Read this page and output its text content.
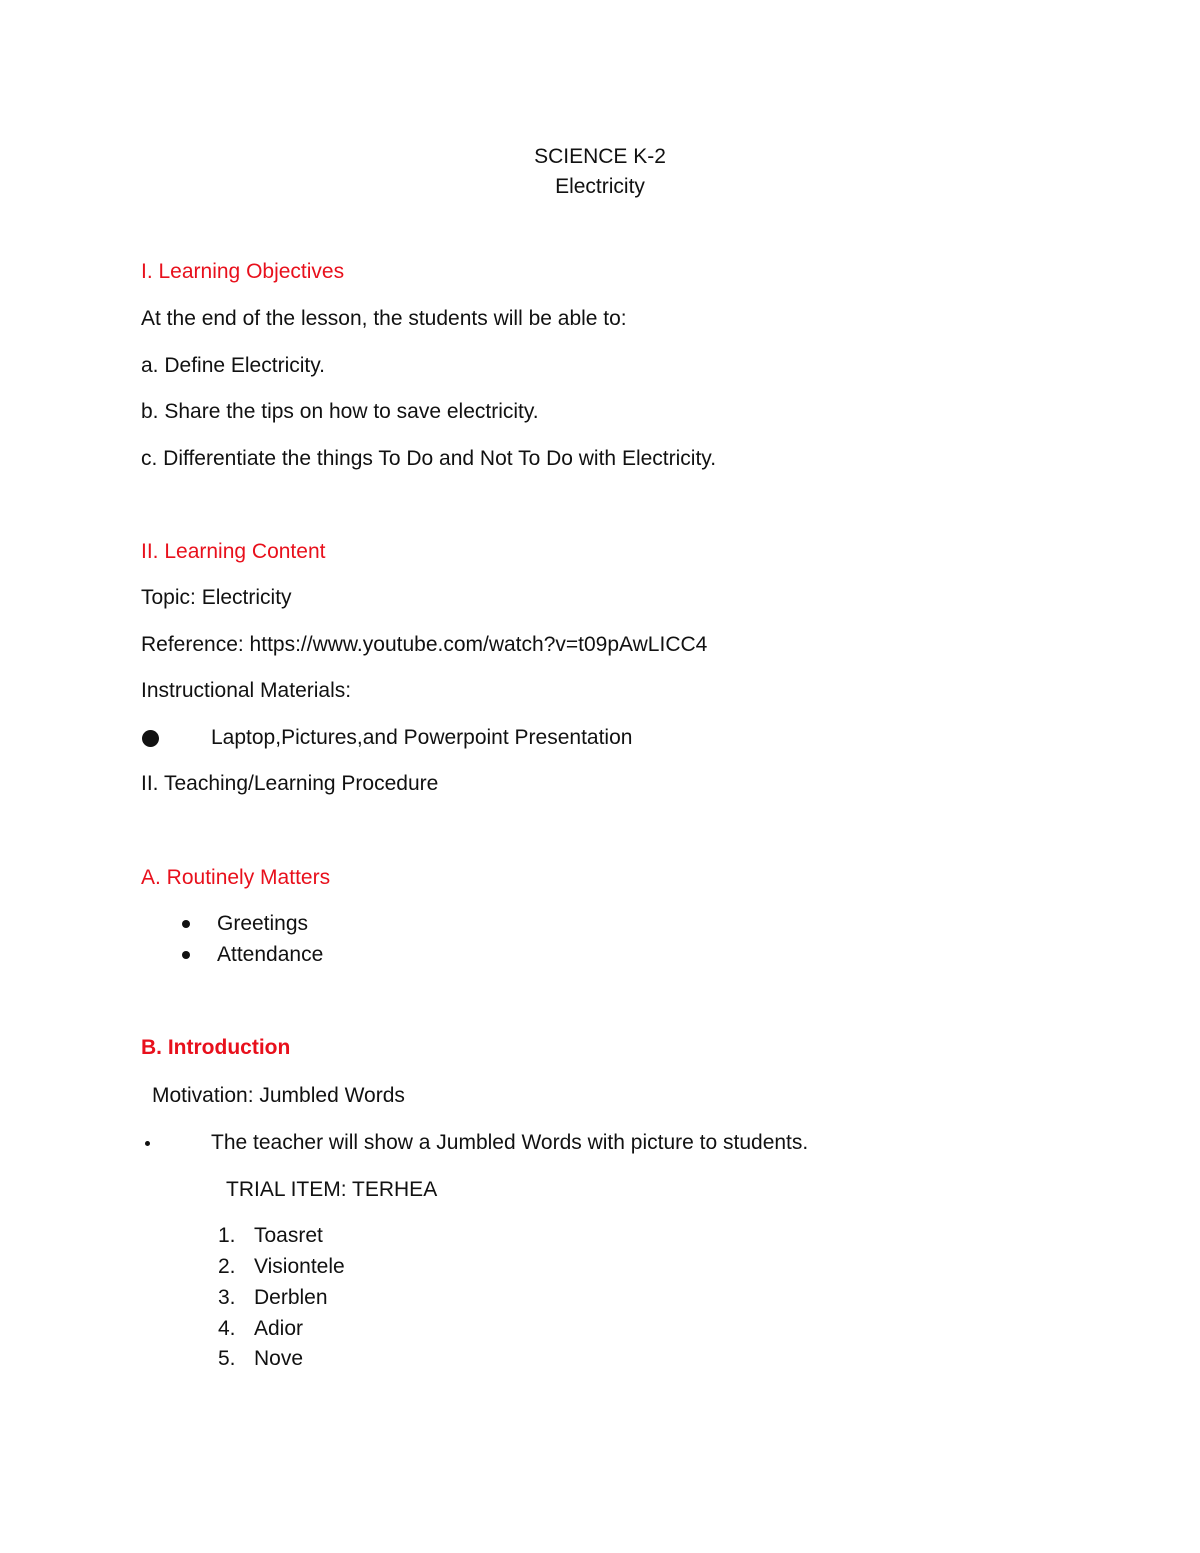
SCIENCE K-2
Electricity
I. Learning Objectives
At the end of the lesson, the students will be able to:
a. Define Electricity.
b. Share the tips on how to save electricity.
c. Differentiate the things To Do and Not To Do with Electricity.
II. Learning Content
Topic: Electricity
Reference: https://www.youtube.com/watch?v=t09pAwLICC4
Instructional Materials:
Laptop,Pictures,and Powerpoint Presentation
II. Teaching/Learning Procedure
A. Routinely Matters
Greetings
Attendance
B. Introduction
Motivation: Jumbled Words
The teacher will show a Jumbled Words with picture to students.
TRIAL ITEM: TERHEA
1. Toasret
2. Visiontele
3. Derblen
4. Adior
5. Nove
